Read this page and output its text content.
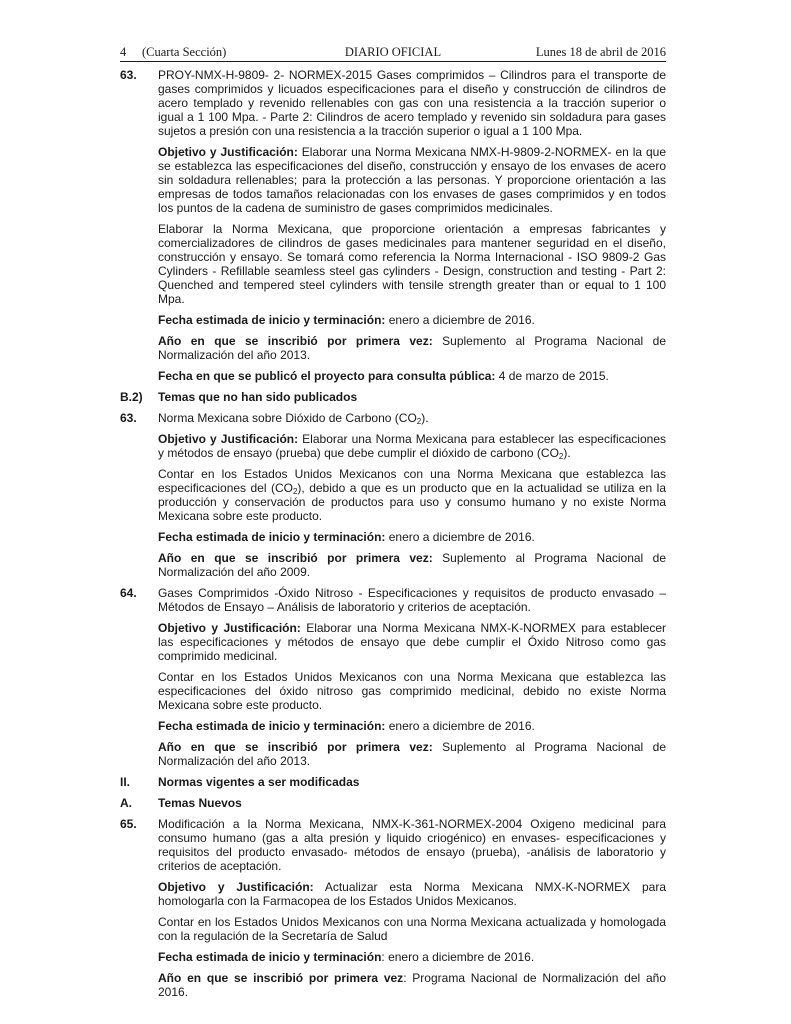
4 (Cuarta Sección)	DIARIO OFICIAL	Lunes 18 de abril de 2016
63. PROY-NMX-H-9809- 2- NORMEX-2015 Gases comprimidos – Cilindros para el transporte de gases comprimidos y licuados especificaciones para el diseño y construcción de cilindros de acero templado y revenido rellenables con gas con una resistencia a la tracción superior o igual a 1 100 Mpa. - Parte 2: Cilindros de acero templado y revenido sin soldadura para gases sujetos a presión con una resistencia a la tracción superior o igual a 1 100 Mpa.

Objetivo y Justificación: Elaborar una Norma Mexicana NMX-H-9809-2-NORMEX- en la que se establezca las especificaciones del diseño, construcción y ensayo de los envases de acero sin soldadura rellenables; para la protección a las personas. Y proporcione orientación a las empresas de todos tamaños relacionadas con los envases de gases comprimidos y en todos los puntos de la cadena de suministro de gases comprimidos medicinales.

Elaborar la Norma Mexicana, que proporcione orientación a empresas fabricantes y comercializadores de cilindros de gases medicinales para mantener seguridad en el diseño, construcción y ensayo. Se tomará como referencia la Norma Internacional - ISO 9809-2 Gas Cylinders - Refillable seamless steel gas cylinders - Design, construction and testing - Part 2: Quenched and tempered steel cylinders with tensile strength greater than or equal to 1 100 Mpa.

Fecha estimada de inicio y terminación: enero a diciembre de 2016.

Año en que se inscribió por primera vez: Suplemento al Programa Nacional de Normalización del año 2013.

Fecha en que se publicó el proyecto para consulta pública: 4 de marzo de 2015.

B.2) Temas que no han sido publicados

63. Norma Mexicana sobre Dióxido de Carbono $(CO_2)$.

Objetivo y Justificación: Elaborar una Norma Mexicana para establecer las especificaciones y métodos de ensayo (prueba) que debe cumplir el dióxido de carbono $(CO_2)$.

Contar en los Estados Unidos Mexicanos con una Norma Mexicana que establezca las especificaciones del $(CO_2)$, debido a que es un producto que en la actualidad se utiliza en la producción y conservación de productos para uso y consumo humano y no existe Norma Mexicana sobre este producto.

Fecha estimada de inicio y terminación: enero a diciembre de 2016.

Año en que se inscribió por primera vez: Suplemento al Programa Nacional de Normalización del año 2009.

64. Gases Comprimidos -Óxido Nitroso - Especificaciones y requisitos de producto envasado – Métodos de Ensayo – Análisis de laboratorio y criterios de aceptación.

Objetivo y Justificación: Elaborar una Norma Mexicana NMX-K-NORMEX para establecer las especificaciones y métodos de ensayo que debe cumplir el Óxido Nitroso como gas comprimido medicinal.

Contar en los Estados Unidos Mexicanos con una Norma Mexicana que establezca las especificaciones del óxido nitroso gas comprimido medicinal, debido no existe Norma Mexicana sobre este producto.

Fecha estimada de inicio y terminación: enero a diciembre de 2016.

Año en que se inscribió por primera vez: Suplemento al Programa Nacional de Normalización del año 2013.

II. Normas vigentes a ser modificadas

A. Temas Nuevos

65. Modificación a la Norma Mexicana, NMX-K-361-NORMEX-2004 Oxigeno medicinal para consumo humano (gas a alta presión y liquido criogénico) en envases- especificaciones y requisitos del producto envasado- métodos de ensayo (prueba), -análisis de laboratorio y criterios de aceptación.

Objetivo y Justificación: Actualizar esta Norma Mexicana NMX-K-NORMEX para homologarla con la Farmacopea de los Estados Unidos Mexicanos.

Contar en los Estados Unidos Mexicanos con una Norma Mexicana actualizada y homologada con la regulación de la Secretaría de Salud

Fecha estimada de inicio y terminación: enero a diciembre de 2016.

Año en que se inscribió por primera vez: Programa Nacional de Normalización del año 2016.
